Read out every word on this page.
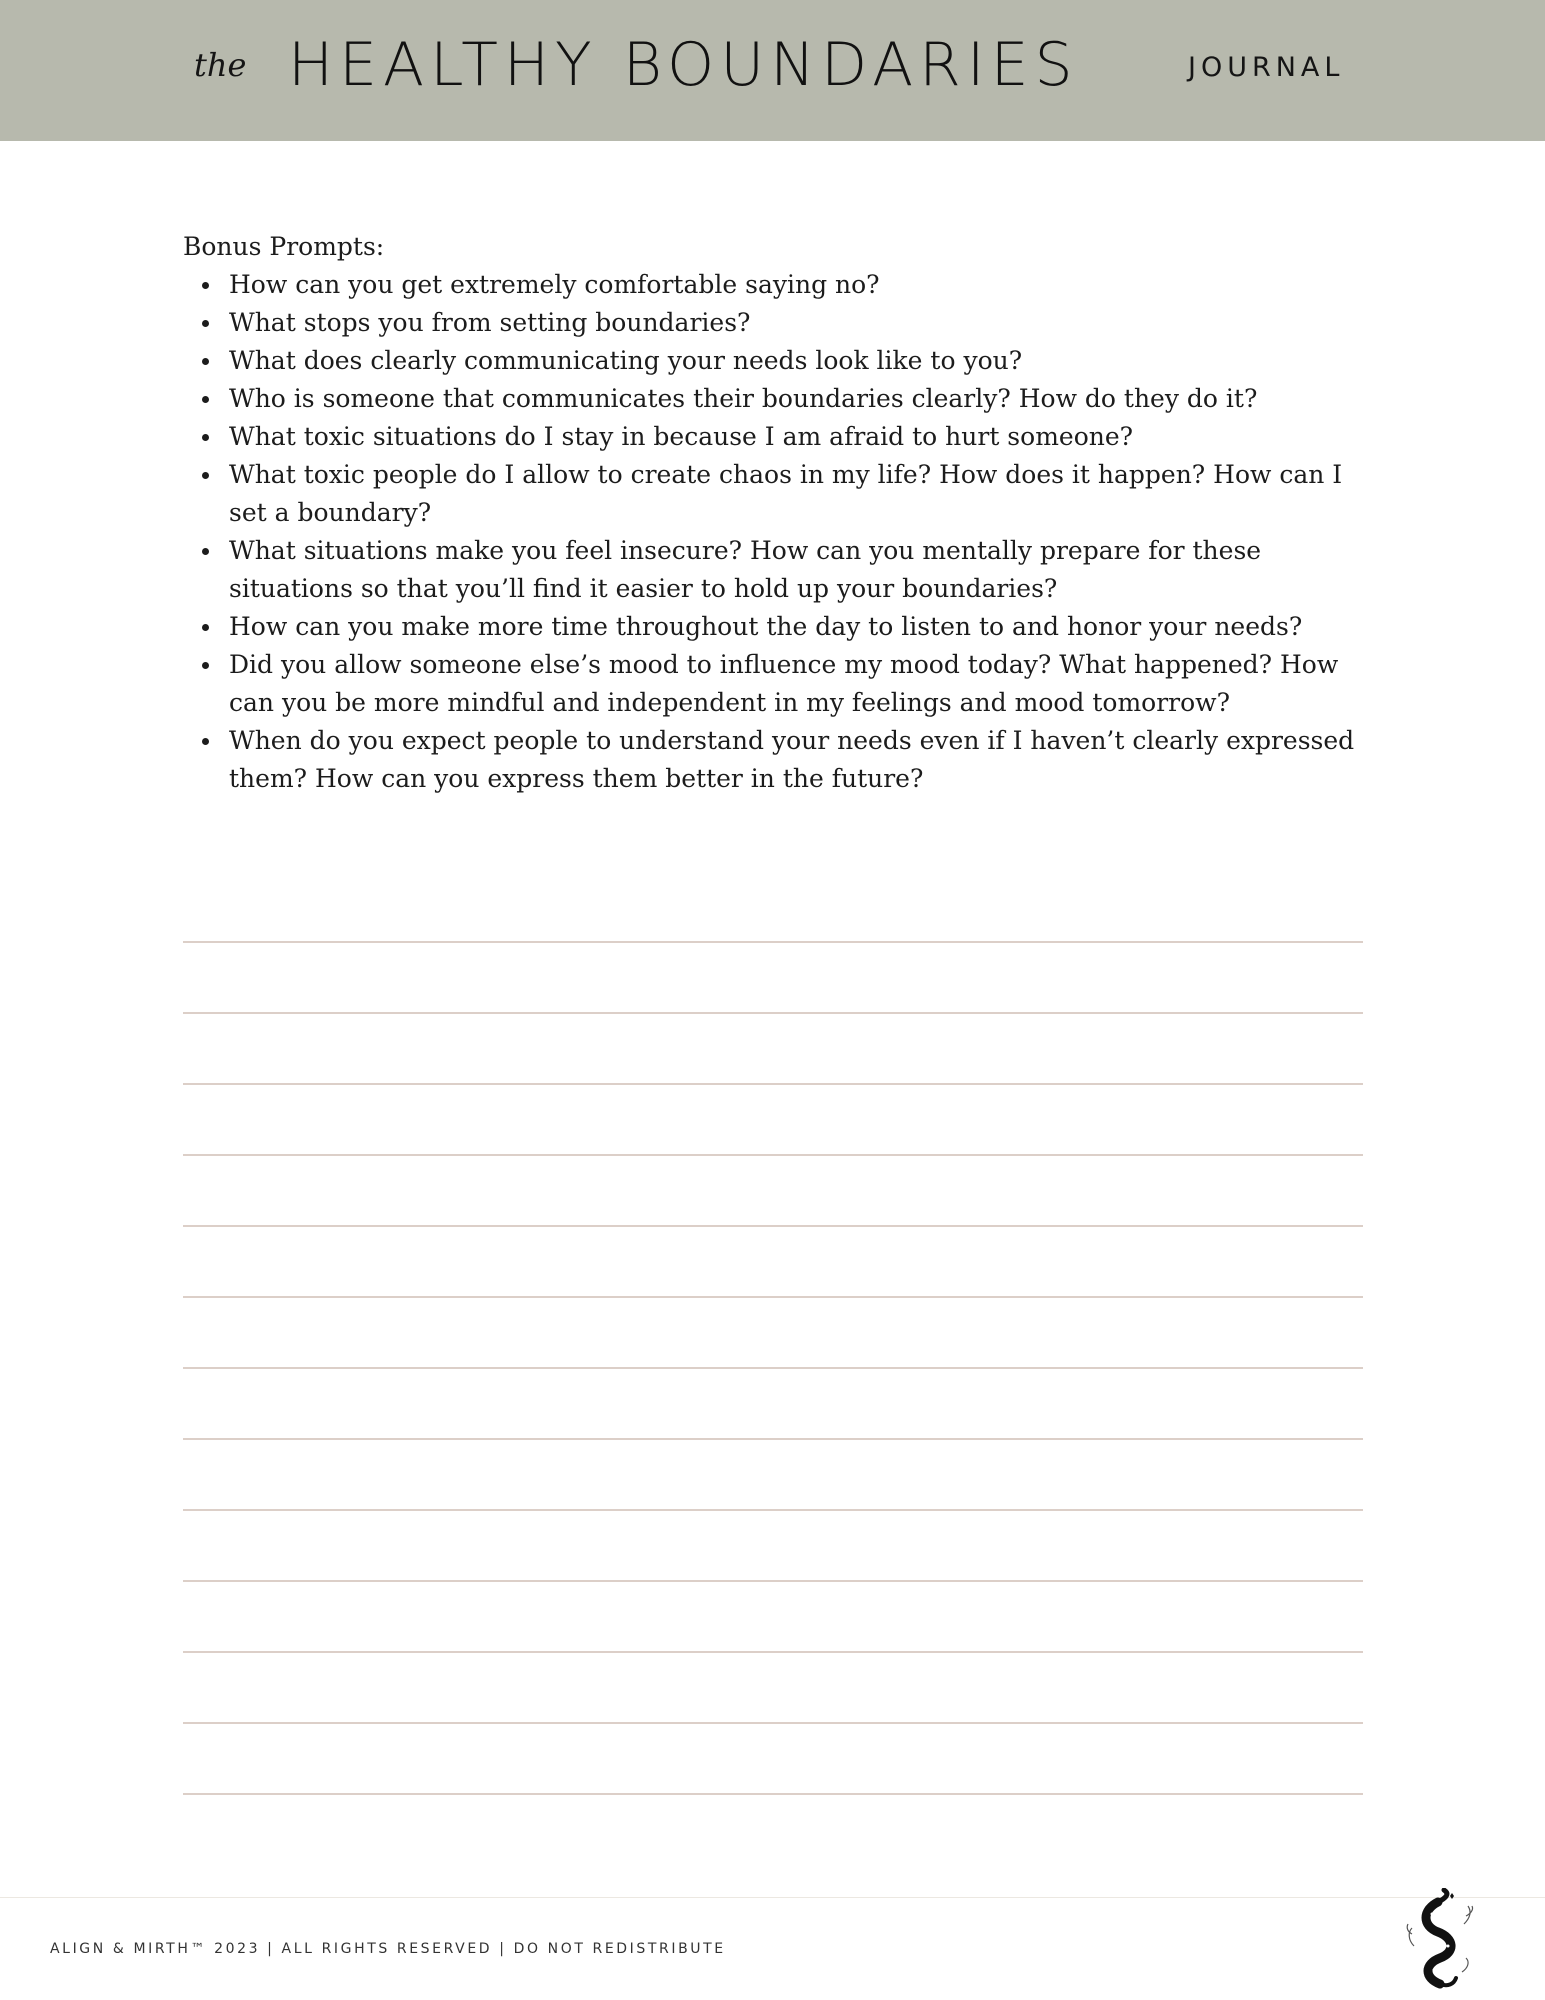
the HEALTHY BOUNDARIES	JOURNAL

Bonus Prompts:

How can you get extremely comfortable saying no?
What stops you from setting boundaries?
What does clearly communicating your needs look like to you?
Who is someone that communicates their boundaries clearly? How do they do it?
What toxic situations do I stay in because I am afraid to hurt someone?
What toxic people do I allow to create chaos in my life? How does it happen? How can I set a boundary?
What situations make you feel insecure? How can you mentally prepare for these situations so that you’ll find it easier to hold up your boundaries?
How can you make more time throughout the day to listen to and honor your needs?
Did you allow someone else’s mood to influence my mood today? What happened? How can you be more mindful and independent in my feelings and mood tomorrow?
When do you expect people to understand your needs even if I haven’t clearly expressed them? How can you express them better in the future?
ALIGN & MIRTH™ 2023 | ALL RIGHTS RESERVED | DO NOT REDISTRIBUTE
